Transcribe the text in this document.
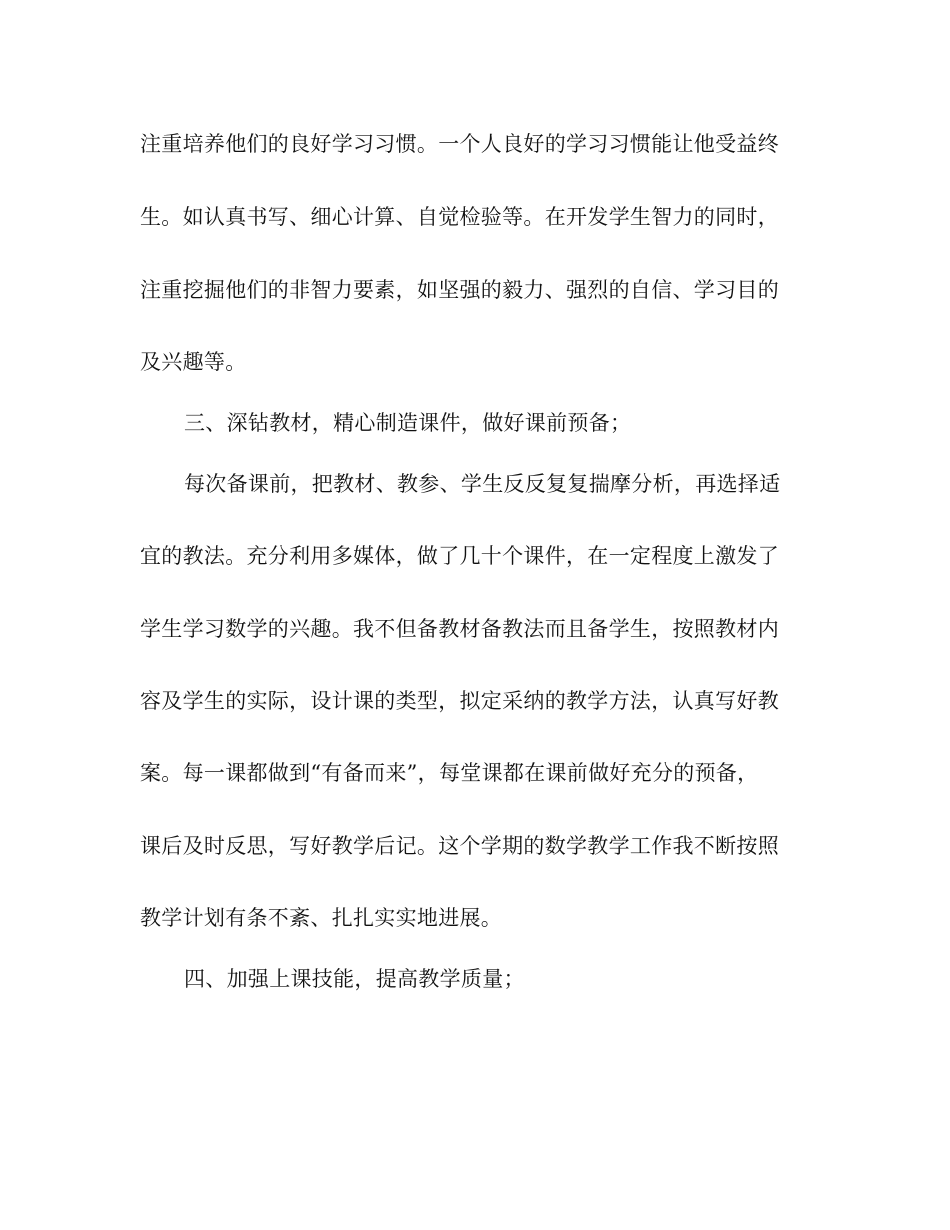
注重培养他们的良好学习习惯。一个人良好的学习习惯能让他受益终
生。如认真书写、细心计算、自觉检验等。在开发学生智力的同时，
注重挖掘他们的非智力要素，如坚强的毅力、强烈的自信、学习目的
及兴趣等。
三、深钻教材，精心制造课件，做好课前预备；
每次备课前，把教材、教参、学生反反复复揣摩分析，再选择适
宜的教法。充分利用多媒体，做了几十个课件，在一定程度上激发了
学生学习数学的兴趣。我不但备教材备教法而且备学生，按照教材内
容及学生的实际，设计课的类型，拟定采纳的教学方法，认真写好教
案。每一课都做到“有备而来”，每堂课都在课前做好充分的预备，
课后及时反思，写好教学后记。这个学期的数学教学工作我不断按照
教学计划有条不紊、扎扎实实地进展。
四、加强上课技能，提高教学质量；
